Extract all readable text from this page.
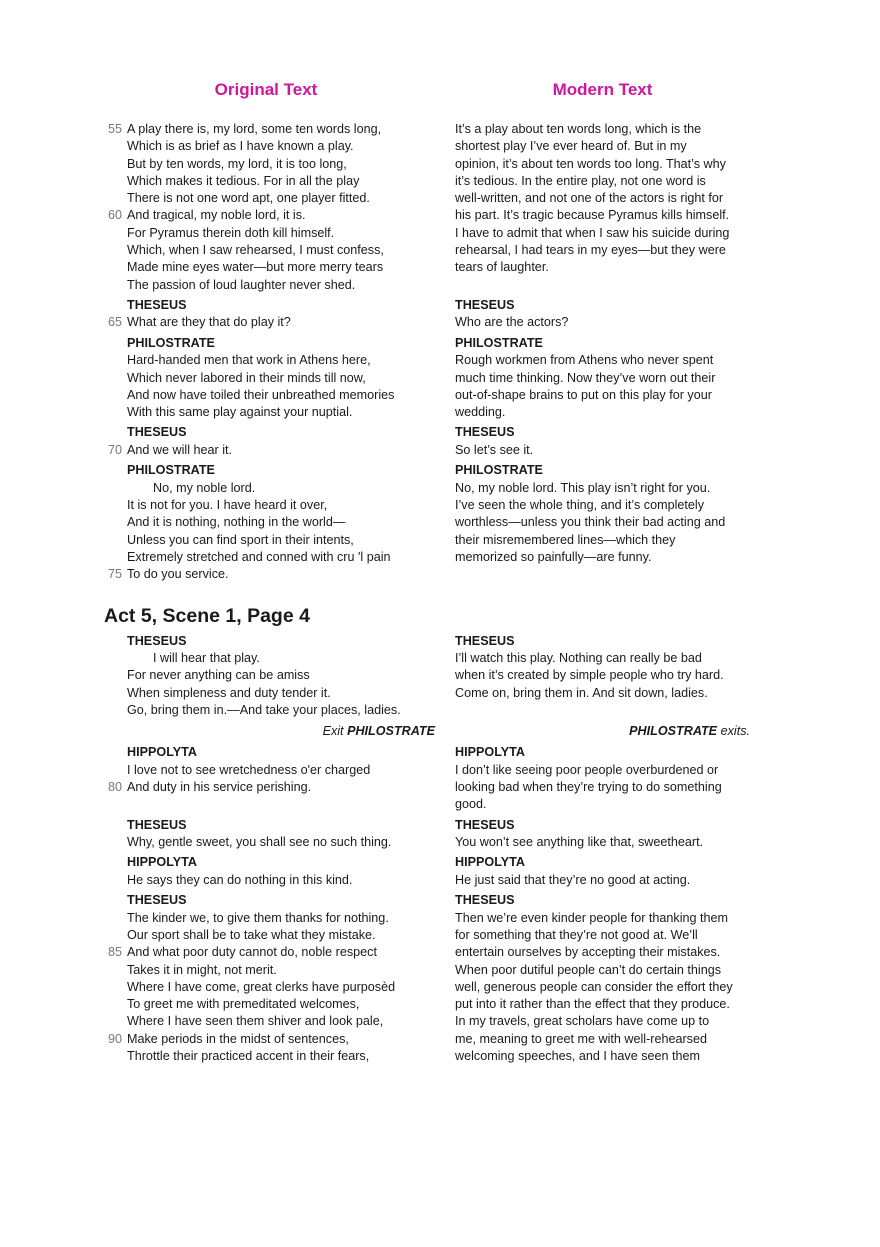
Original Text	Modern Text
55 A play there is, my lord, some ten words long,
Which is as brief as I have known a play.
But by ten words, my lord, it is too long,
Which makes it tedious. For in all the play
There is not one word apt, one player fitted.
60 And tragical, my noble lord, it is.
For Pyramus therein doth kill himself.
Which, when I saw rehearsed, I must confess,
Made mine eyes water—but more merry tears
The passion of loud laughter never shed.
It’s a play about ten words long, which is the
shortest play I’ve ever heard of. But in my
opinion, it’s about ten words too long. That’s why
it’s tedious. In the entire play, not one word is
well-written, and not one of the actors is right for
his part. It’s tragic because Pyramus kills himself.
I have to admit that when I saw his suicide during
rehearsal, I had tears in my eyes—but they were
tears of laughter.
THESEUS
65 What are they that do play it?
THESEUS
Who are the actors?
PHILOSTRATE
Hard-handed men that work in Athens here,
Which never labored in their minds till now,
And now have toiled their unbreathed memories
With this same play against your nuptial.
PHILOSTRATE
Rough workmen from Athens who never spent
much time thinking. Now they’ve worn out their
out-of-shape brains to put on this play for your
wedding.
THESEUS
70 And we will hear it.
THESEUS
So let’s see it.
PHILOSTRATE
No, my noble lord.
It is not for you. I have heard it over,
And it is nothing, nothing in the world—
Unless you can find sport in their intents,
Extremely stretched and conned with cru 'l pain
75 To do you service.
PHILOSTRATE
No, my noble lord. This play isn’t right for you.
I’ve seen the whole thing, and it’s completely
worthless—unless you think their bad acting and
their misremembered lines—which they
memorized so painfully—are funny.
Act 5, Scene 1, Page 4
THESEUS
I will hear that play.
For never anything can be amiss
When simpleness and duty tender it.
Go, bring them in.—And take your places, ladies.
THESEUS
I’ll watch this play. Nothing can really be bad
when it’s created by simple people who try hard.
Come on, bring them in. And sit down, ladies.
Exit PHILOSTRATE	PHILOSTRATE exits.
HIPPOLYTA
I love not to see wretchedness o'er charged
80 And duty in his service perishing.
HIPPOLYTA
I don’t like seeing poor people overburdened or
looking bad when they’re trying to do something
good.
THESEUS
Why, gentle sweet, you shall see no such thing.
THESEUS
You won’t see anything like that, sweetheart.
HIPPOLYTA
He says they can do nothing in this kind.
HIPPOLYTA
He just said that they’re no good at acting.
THESEUS
The kinder we, to give them thanks for nothing.
Our sport shall be to take what they mistake.
85 And what poor duty cannot do, noble respect
Takes it in might, not merit.
Where I have come, great clerks have purposèd
To greet me with premeditated welcomes,
Where I have seen them shiver and look pale,
90 Make periods in the midst of sentences,
Throttle their practiced accent in their fears,
THESEUS
Then we’re even kinder people for thanking them
for something that they’re not good at. We’ll
entertain ourselves by accepting their mistakes.
When poor dutiful people can’t do certain things
well, generous people can consider the effort they
put into it rather than the effect that they produce.
In my travels, great scholars have come up to
me, meaning to greet me with well-rehearsed
welcoming speeches, and I have seen them
